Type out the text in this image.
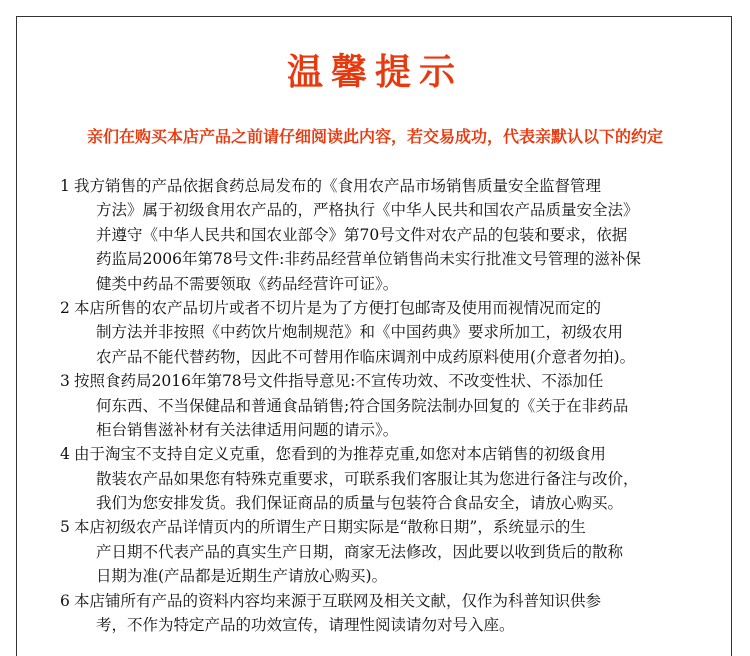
温馨提示
亲们在购买本店产品之前请仔细阅读此内容，若交易成功，代表亲默认以下的约定
1 我方销售的产品依据食药总局发布的《食用农产品市场销售质量安全监督管理
方法》属于初级食用农产品的，严格执行《中华人民共和国农产品质量安全法》
并遵守《中华人民共和国农业部令》第70号文件对农产品的包装和要求，依据
药监局2006年第78号文件:非药品经营单位销售尚未实行批准文号管理的滋补保
健类中药品不需要领取《药品经营许可证》。
2 本店所售的农产品切片或者不切片是为了方便打包邮寄及使用而视情况而定的
制方法并非按照《中药饮片炮制规范》和《中国药典》要求所加工，初级农用
农产品不能代替药物，因此不可替用作临床调剂中成药原料使用(介意者勿拍)。
3 按照食药局2016年第78号文件指导意见:不宣传功效、不改变性状、不添加任
何东西、不当保健品和普通食品销售;符合国务院法制办回复的《关于在非药品
柜台销售滋补材有关法律适用问题的请示》。
4 由于淘宝不支持自定义克重，您看到的为推荐克重,如您对本店销售的初级食用
散装农产品如果您有特殊克重要求，可联系我们客服让其为您进行备注与改价，
我们为您安排发货。我们保证商品的质量与包装符合食品安全，请放心购买。
5 本店初级农产品详情页内的所谓生产日期实际是“散称日期”，系统显示的生
产日期不代表产品的真实生产日期，商家无法修改，因此要以收到货后的散称
日期为准(产品都是近期生产请放心购买)。
6 本店铺所有产品的资料内容均来源于互联网及相关文献，仅作为科普知识供参
考，不作为特定产品的功效宣传，请理性阅读请勿对号入座。
